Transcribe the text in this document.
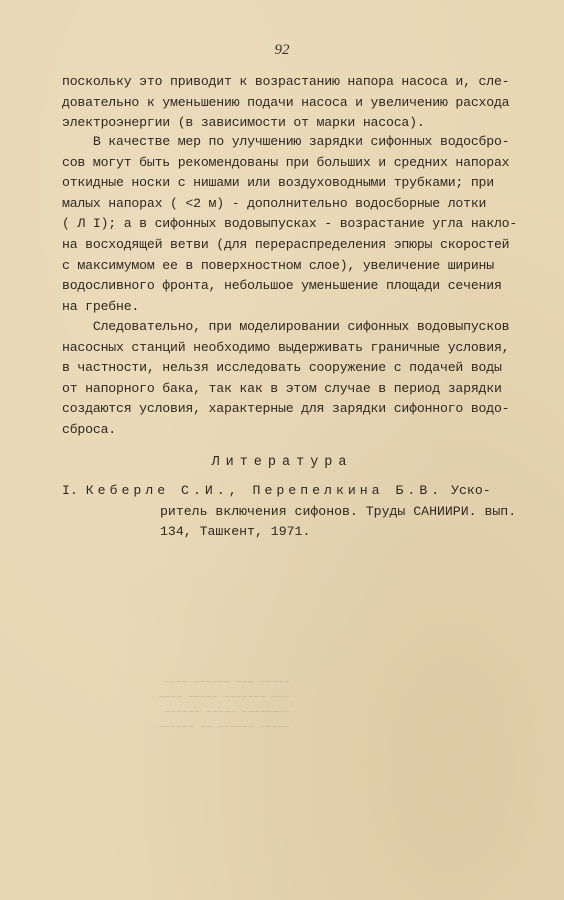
92
поскольку это приводит к возрастанию напора насоса и, сле-
довательно к уменьшению подачи насоса и увеличению расхода
электроэнергии (в зависимости от марки насоса).
В качестве мер по улучшению зарядки сифонных водосбро-
сов могут быть рекомендованы при больших и средних напорах
откидные носки с нишами или воздуховодными трубками; при
малых напорах ( <2 м) - дополнительно водосборные лотки
( Л I); а в сифонных водовыпусках - возрастание угла накло-
на восходящей ветви (для перераспределения эпюры скоростей
с максимумом ее в поверхностном слое), увеличение ширины
водосливного фронта, небольшое уменьшение площади сечения
на гребне.
Следовательно, при моделировании сифонных водовыпусков
насосных станций необходимо выдерживать граничные условия,
в частности, нельзя исследовать сооружение с подачей воды
от напорного бака, так как в этом случае в период зарядки
создаются условия, характерные для зарядки сифонного водо-
сброса.
Литература
I. Кеберле С.И., Перепелкина Б.В. Уско-
ритель включения сифонов. Труды САНИИРИ. вып.
134, Ташкент, 1971.
~~~~~ ~~~ ~~~~~~ ~~~~
~~~ ~~~~~~~ ~~~~~ ~~~~
~~~~~~~~ ~~~~~ ~~~~~~
~~~~~ ~~~~~~ ~~ ~~~~~~
